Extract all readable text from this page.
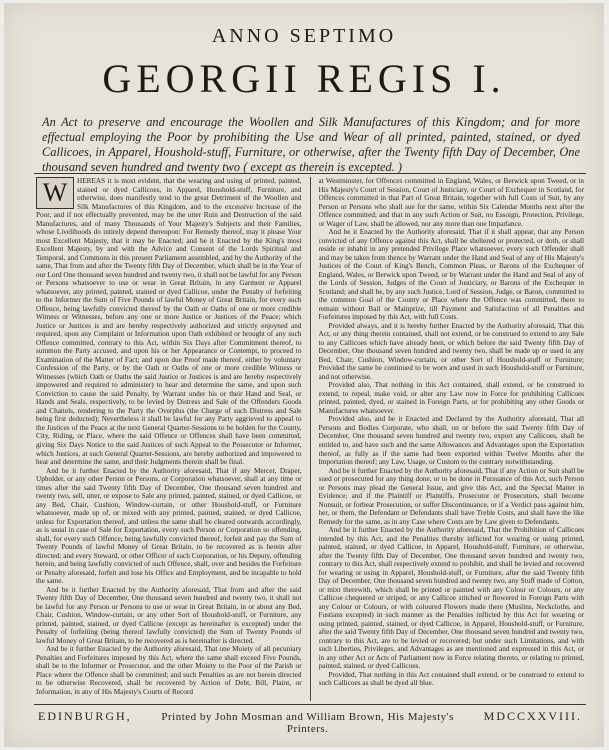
ANNO SEPTIMO
GEORGII REGIS I.
An Act to preserve and encourage the Woollen and Silk Manufactures of this Kingdom; and for more effectual employing the Poor by prohibiting the Use and Wear of all printed, painted, stained, or dyed Callicoes, in Apparel, Houshold-stuff, Furniture, or otherwise, after the Twenty fifth Day of December, One thousand seven hundred and twenty two ( except as therein is excepted. )

W	HEREAS it is most evident, that the wearing and using of printed, painted, stained or dyed Callicoes, in Apparel, Houshold-stuff, Furniture, and otherwise, does manifestly tend to the great Detriment of the Woollen and Silk Manufactures of this Kingdom, and to the excessive Increase of the Poor, and if not effectually prevented, may be the utter Ruin and Destruction of the said Manufactures, and of many Thousands of Your Majesty's Subjects and their Families, whose Livelihoods do intirely depend thereupon: For Remedy thereof, may it please Your most Excellent Majesty, that it may be Enacted; and be it Enacted by the King's most Excellent Majesty, by and with the Advice and Consent of the Lords Spiritual and Temporal, and Commons in this present Parliament assembled, and by the Authority of the same, That from and after the Twenty fifth Day of December, which shall be in the Year of our Lord One thousand seven hundred and twenty two, it shall not be lawful for any Person or Persons whatsoever to use or wear in Great Britain, in any Garment or Apparel whatsoever, any printed, painted, stained or dyed Callicoe, under the Penalty of forfeiting to the Informer the Sum of Five Pounds of lawful Money of Great Britain, for every such Offence, being lawfully convicted thereof by the Oath or Oaths of one or more credible Witness or Witnesses, before any one or more Justice or Justices of the Peace; which Justice or Justices is and are hereby respectively authorized and strictly enjoyned and required, upon any Complaint or Information upon Oath exhibited or brought of any such Offence committed, contrary to this Act, within Six Days after Commitment thereof, to summon the Party accused, and upon his or her Appearance or Contempt, to proceed to Examination of the Matter of Fact; and upon due Proof made thereof, either by voluntary Confession of the Party, or by the Oath or Oaths of one or more credible Witness or Witnesses (which Oath or Oaths the said Justice or Justices is and are hereby respectively impowered and required to administer) to hear and determine the same, and upon such Conviction to cause the said Penalty, by Warrant under his or their Hand and Seal, or Hands and Seals, respectively, to be levied by Distress and Sale of the Offenders Goods and Chattels, rendering to the Party the Overplus (the Charge of such Distress and Sale being first deducted); Nevertheless it shall be lawful for any Party aggrieved to appeal to the Justices of the Peace at the next General Quarter-Sessions to be holden for the County, City, Riding, or Place, where the said Offence or Offences shall have been committed, giving Six Days Notice to the said Justices of such Appeal to the Prosecutor or Informer, which Justices, at such General Quarter-Sessions, are hereby authorized and impowered to hear and determine the same, and their Judgments therein shall be final.

And be it further Enacted by the Authority aforesaid, That if any Mercer, Draper, Upholder, or any other Person or Persons, or Corporation whatsoever, shall at any time or times after the said Twenty fifth Day of December, One thousand seven hundred and twenty two, sell, utter, or expose to Sale any printed, painted, stained, or dyed Callicoe, or any Bed, Chair, Cushion, Window-curtain, or other Houshold-stuff, or Furniture whatsoever, made up of, or mixed with any printed, painted, stained, or dyed Callicoe, unless for Exportation thereof, and unless the same shall be cleared outwards accordingly, as is usual in case of Sale for Exportation, every such Person or Corporation so offending, shall, for every such Offence, being lawfully convicted thereof, forfeit and pay the Sum of Twenty Pounds of lawful Money of Great Britain, to be recovered as is herein after directed; and every Steward, or other Officer of such Corporation, or his Deputy, offending herein, and being lawfully convicted of such Offence, shall, over and besides the Forfeiture or Penalty aforesaid, forfeit and lose his Office and Employment, and be incapable to hold the same.

And be it further Enacted by the Authority aforesaid, That from and after the said Twenty fifth Day of December, One thousand seven hundred and twenty two, it shall not be lawful for any Person or Persons to use or wear in Great Britain, in or about any Bed, Chair, Cushion, Window-curtain, or any other Sort of Houshold-stuff, or Furniture, any printed, painted, stained, or dyed Callicoe (except as hereinafter is excepted) under the Penalty of forfeiting (being thereof lawfully convicted) the Sum of Twenty Pounds of lawful Money of Great Britain, to be recovered as is hereinafter is directed.

And be it further Enacted by the Authority aforesaid, That one Moiety of all pecuniary Penalties and Forfeitures imposed by this Act, where the same shall exceed Five Pounds, shall be to the Informer or Prosecutor, and the other Moiety to the Poor of the Parish or Place where the Offence shall be committed; and such Penalties as are not herein directed to be otherwise Recovered, shall be recovered by Action of Debt, Bill, Plaint, or Information, in any of His Majesty's Courts of Record

at Westminster, for Offences committed in England, Wales, or Berwick upon Tweed, or in His Majesty's Court of Session, Court of Justiciary, or Court of Exchequer in Scotland, for Offences committed in that Part of Great Britain, together with full Costs of Suit, by any Person or Persons who shall sue for the same, within Six Calendar Months next after the Offence committed; and that in any such Action or Suit, no Essoign, Protection, Privilege, or Wager of Law, shall be allowed, nor any more than one Imparlance.

And be it Enacted by the Authority aforesaid, That if it shall appear, that any Person convicted of any Offence against this Act, shall be sheltered or protected, or doth, or shall reside or inhabit in any pretended Privilege Place whatsoever, every such Offender shall and may be taken from thence by Warrant under the Hand and Seal of any of His Majesty's Justices of the Court of King's Bench, Common Pleas, or Barons of the Exchequer of England, Wales, or Berwick upon Tweed, or by Warrant under the Hand and Seal of any of the Lords of Session, Judges of the Court of Justiciary, or Barons of the Exchequer in Scotland; and shall be, by any such Justice, Lord of Session, Judge, or Baron, committed to the common Goal of the County or Place where the Offence was committed, there to remain without Bail or Mainprize, till Payment and Satisfaction of all Penalties and Forfeitures imposed by this Act, with full Costs.

Provided always, and it is hereby further Enacted by the Authority aforesaid, That this Act, or any thing therein contained, shall not extend, or be construed to extend to any Sale to any Callicoes which have already been, or which before the said Twenty fifth Day of December, One thousand seven hundred and twenty two, shall be made up or used in any Bed, Chair, Cushion, Window-curtain, or other Sort of Houshold-stuff or Furniture; Provided the same be continued to be worn and used in such Houshold-stuff or Furniture, and not otherwise.

Provided also, That nothing in this Act contained, shall extend, or be construed to extend, to repeal, make void, or alter any Law now in Force for prohibiting Callicoes printed, painted, dyed, or stained in Foreign Parts, or for prohibiting any other Goods or Manufactures whatsoever.

Provided also, and be it Enacted and Declared by the Authority aforesaid, That all Persons and Bodies Corporate, who shall, on or before the said Twenty fifth Day of December, One thousand seven hundred and twenty two, export any Callicoes, shall be entitled to, and have such and the same Allowances and Advantages upon the Exportation thereof, as fully as if the same had been exported within Twelve Months after the Importation thereof; any Law, Usage, or Custom to the contrary notwithstanding.

And be it further Enacted by the Authority aforesaid, That if any Action or Suit shall be sued or prosecuted for any thing done, or to be done in Pursuance of this Act, such Person or Persons may plead the General Issue, and give this Act, and the Special Matter in Evidence; and if the Plaintiff or Plaintiffs, Prosecutor or Prosecutors, shall become Nonsuit, or forbear Prosecution, or suffer Discontinuance, or if a Verdict pass against him, her, or them, the Defendant or Defendants shall have Treble Costs, and shall have the like Remedy for the same, as in any Case where Costs are by Law given to Defendants.

And be it further Enacted by the Authority aforesaid, That the Prohibition of Callicoes intended by this Act, and the Penalties thereby inflicted for wearing or using printed, painted, stained, or dyed Callicoe, in Apparel, Houshold-stuff, Furniture, or otherwise, after the Twenty fifth Day of December, One thousand seven hundred and twenty two, contrary to this Act, shall respectively extend to prohibit, and shall be levied and recovered for wearing or using in Apparel, Houshold-stuff, or Furniture, after the said Twenty fifth Day of December, One thousand seven hundred and twenty two, any Stuff made of Cotton, or mixt therewith, which shall be printed or painted with any Colour or Colours, or any Callicoe chequered or striped, or any Callicoe stitched or flowered in Foreign Parts with any Colour or Colours, or with coloured Flowers made there (Muslins, Neckcloths, and Fustians excepted) in such manner as the Penalties inflicted by this Act for wearing or using printed, painted, stained, or dyed Callicoe, in Apparel, Houshold-stuff, or Furniture, after the said Twenty fifth Day of December, One thousand seven hundred and twenty two, contrary to this Act, are to be levied or recovered; but under such Limitations, and with such Liberties, Privileges, and Advantages as are mentioned and expressed in this Act, or in any other Act or Acts of Parliament now in Force relating thereto, or relating to printed, painted, stained, or dyed Callicoes.

Provided, That nothing in this Act contained shall extend, or be construed to extend to such Callicoes as shall be dyed all blue.

EDINBURGH,	Printed by John Mosman and William Brown, His Majesty's Printers.
MDCCXXVIII.
